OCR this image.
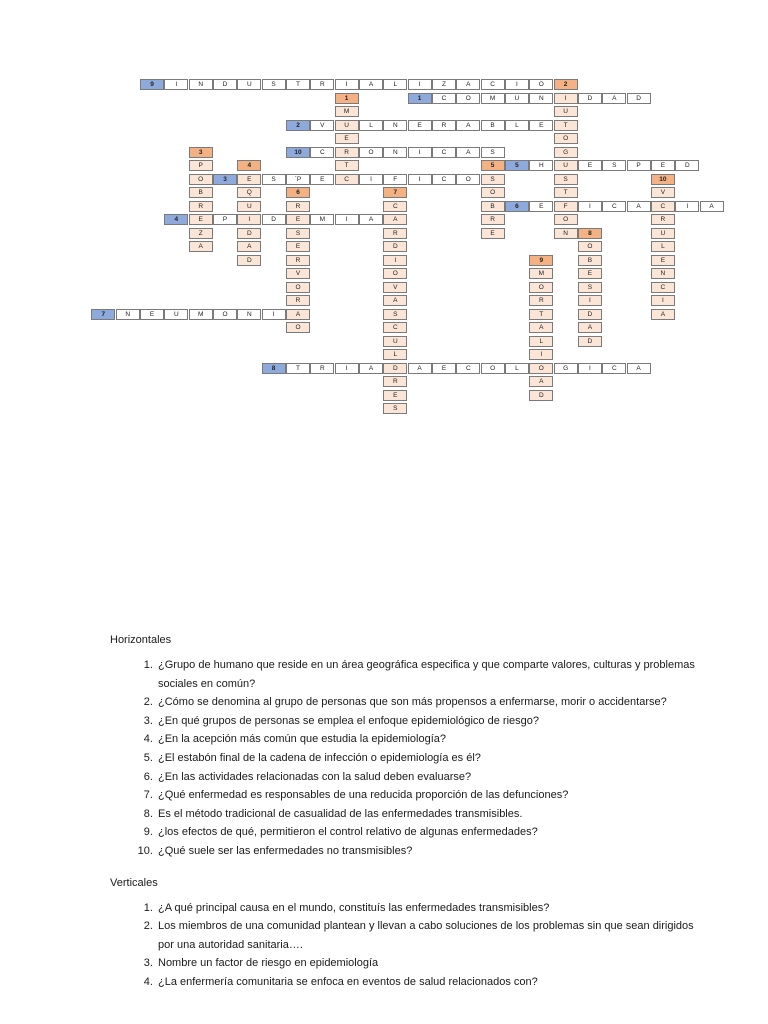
I	N	D	U	S	T	R	I	A	L	I	Z	A	C	I	O	2
I
U
T
O
G
U
S
T
F
O
N
C	O	M	U	N	D	A	D
M
U
E
R
T
C
V	L	N	E	R	A	B	L	E
C	O	N	I	C	A	S
P
O
B
R
E
Z
A
E
Q
U
I
D
A
D
S
O
B
R
E
H	E	S	P	E	D
S	`P	E	I	F	I	C	O
V
C
R
U
L
E
N
C
I
A
R
E
S
E
R
V
O
R
A
O
C
A
R
D
I
O
V
A
S
C
U
L
D
R
E
S
E	I	C	A	I	A
P	D	M	I	A
O
B
E
S
I
D
A
D
M
O
R
T
A
L
I
O
A
D
N	E	U	M	O	N	I
T	R	I	A	A	E	C	O	L	G	I	C	A
9
1
1
2
10
3
4	5	5
3	10
6	7
6
4
8
9
7
8
Horizontales
1. ¿Grupo de humano que reside en un área geográfica especifica y que comparte valores, culturas y problemas sociales en común?
2. ¿Cómo se denomina al grupo de personas que son más propensos a enfermarse, morir o accidentarse?
3. ¿En qué grupos de personas se emplea el enfoque epidemiológico de riesgo?
4. ¿En la acepción más común que estudia la epidemiología?
5. ¿El estabón final de la cadena de infección o epidemiología es él?
6. ¿En las actividades relacionadas con la salud deben evaluarse?
7. ¿Qué enfermedad es responsables de una reducida proporción de las defunciones?
8. Es el método tradicional de casualidad de las enfermedades transmisibles.
9. ¿los efectos de qué, permitieron el control relativo de algunas enfermedades?
10. ¿Qué suele ser las enfermedades no transmisibles?
Verticales
1. ¿A qué principal causa en el mundo, constituís las enfermedades transmisibles?
2. Los miembros de una comunidad plantean y llevan a cabo soluciones de los problemas sin que sean dirigidos por una autoridad sanitaria….
3. Nombre un factor de riesgo en epidemiología
4. ¿La enfermería comunitaria se enfoca en eventos de salud relacionados con?
